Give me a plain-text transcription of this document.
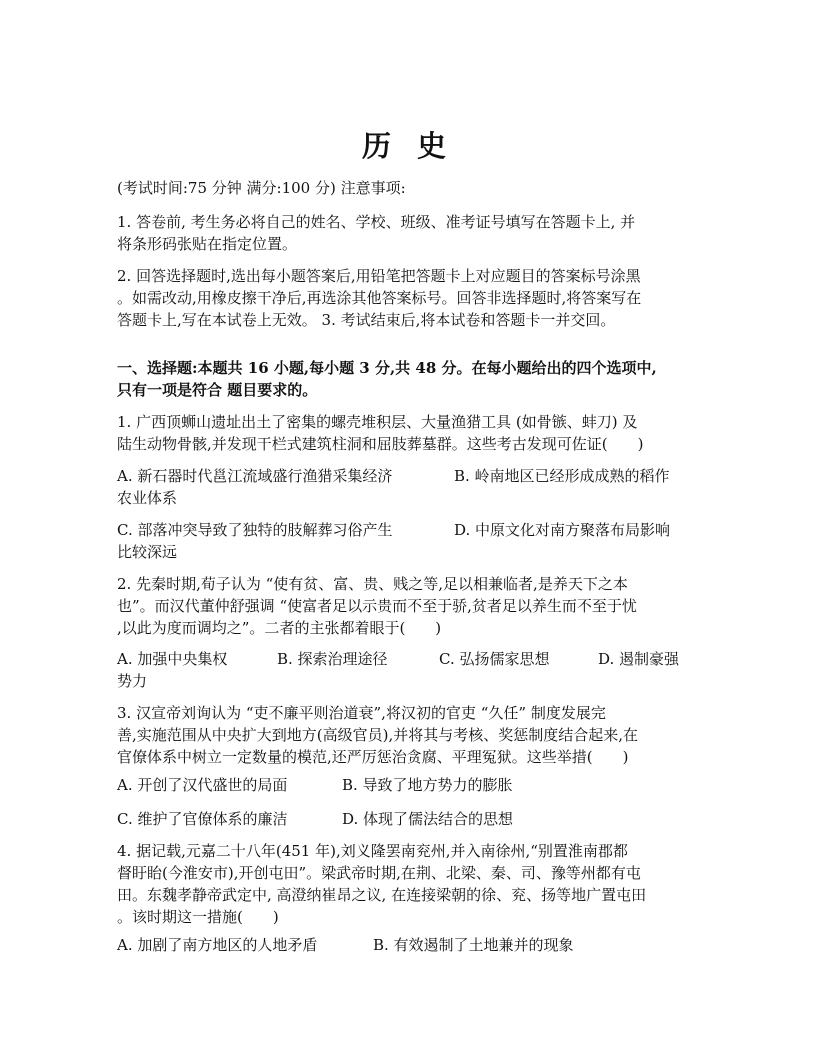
历 史
(考试时间:75 分钟 满分:100 分) 注意事项:
1. 答卷前, 考生务必将自己的姓名、学校、班级、准考证号填写在答题卡上, 并
将条形码张贴在指定位置。
2. 回答选择题时,选出每小题答案后,用铅笔把答题卡上对应题目的答案标号涂黑
。如需改动,用橡皮擦干净后,再选涂其他答案标号。回答非选择题时,将答案写在
答题卡上,写在本试卷上无效。 3. 考试结束后,将本试卷和答题卡一并交回。
一、选择题:本题共 16 小题,每小题 3 分,共 48 分。在每小题给出的四个选项中,
只有一项是符合 题目要求的。
1. 广西顶蛳山遗址出土了密集的螺壳堆积层、大量渔猎工具 (如骨镞、蚌刀) 及
陆生动物骨骸,并发现干栏式建筑柱洞和屈肢葬墓群。这些考古发现可佐证(　　)
A. 新石器时代邕江流域盛行渔猎采集经济	B. 岭南地区已经形成成熟的稻作
农业体系
C. 部落冲突导致了独特的肢解葬习俗产生	D. 中原文化对南方聚落布局影响
比较深远
2. 先秦时期,荀子认为 “使有贫、富、贵、贱之等,足以相兼临者,是养天下之本
也”。而汉代董仲舒强调 “使富者足以示贵而不至于骄,贫者足以养生而不至于忧
,以此为度而调均之”。二者的主张都着眼于(　　)
A. 加强中央集权	B. 探索治理途径	C. 弘扬儒家思想	D. 遏制豪强
势力
3. 汉宣帝刘询认为 “吏不廉平则治道衰”,将汉初的官吏 “久任” 制度发展完
善,实施范围从中央扩大到地方(高级官员),并将其与考核、奖惩制度结合起来,在
官僚体系中树立一定数量的模范,还严厉惩治贪腐、平理冤狱。这些举措(　　)
A. 开创了汉代盛世的局面	B. 导致了地方势力的膨胀
C. 维护了官僚体系的廉洁	D. 体现了儒法结合的思想
4. 据记载,元嘉二十八年(451 年),刘义隆罢南兖州,并入南徐州,“别置淮南郡都
督盱眙(今淮安市),开创屯田”。梁武帝时期,在荆、北梁、秦、司、豫等州都有屯
田。东魏孝静帝武定中, 高澄纳崔昂之议, 在连接梁朝的徐、兖、扬等地广置屯田
。该时期这一措施(　　)
A. 加剧了南方地区的人地矛盾	B. 有效遏制了土地兼并的现象
